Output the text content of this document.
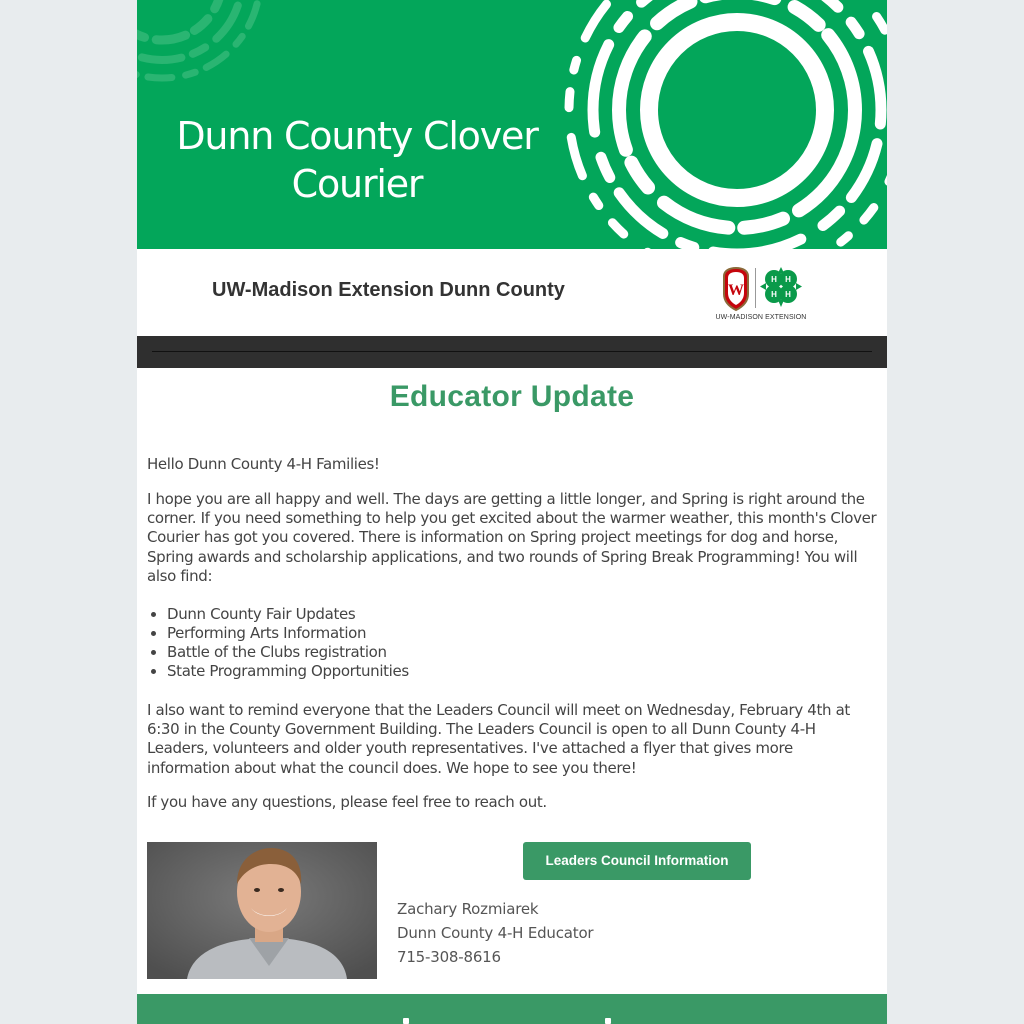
Dunn County Clover
Courier
UW-Madison Extension Dunn County	W
H H
H H
UW-MADISON EXTENSION
Educator Update

Hello Dunn County 4-H Families!

I hope you are all happy and well. The days are getting a little longer, and Spring is right around the corner. If you need something to help you get excited about the warmer weather, this month's Clover Courier has got you covered. There is information on Spring project meetings for dog and horse, Spring awards and scholarship applications, and two rounds of Spring Break Programming! You will also find:

• Dunn County Fair Updates
• Performing Arts Information
• Battle of the Clubs registration
• State Programming Opportunities

I also want to remind everyone that the Leaders Council will meet on Wednesday, February 4th at 6:30 in the County Government Building. The Leaders Council is open to all Dunn County 4-H Leaders, volunteers and older youth representatives. I've attached a flyer that gives more information about what the council does. We hope to see you there!

If you have any questions, please feel free to reach out.

Leaders Council Information
Zachary Rozmiarek
Dunn County 4-H Educator
715-308-8616
